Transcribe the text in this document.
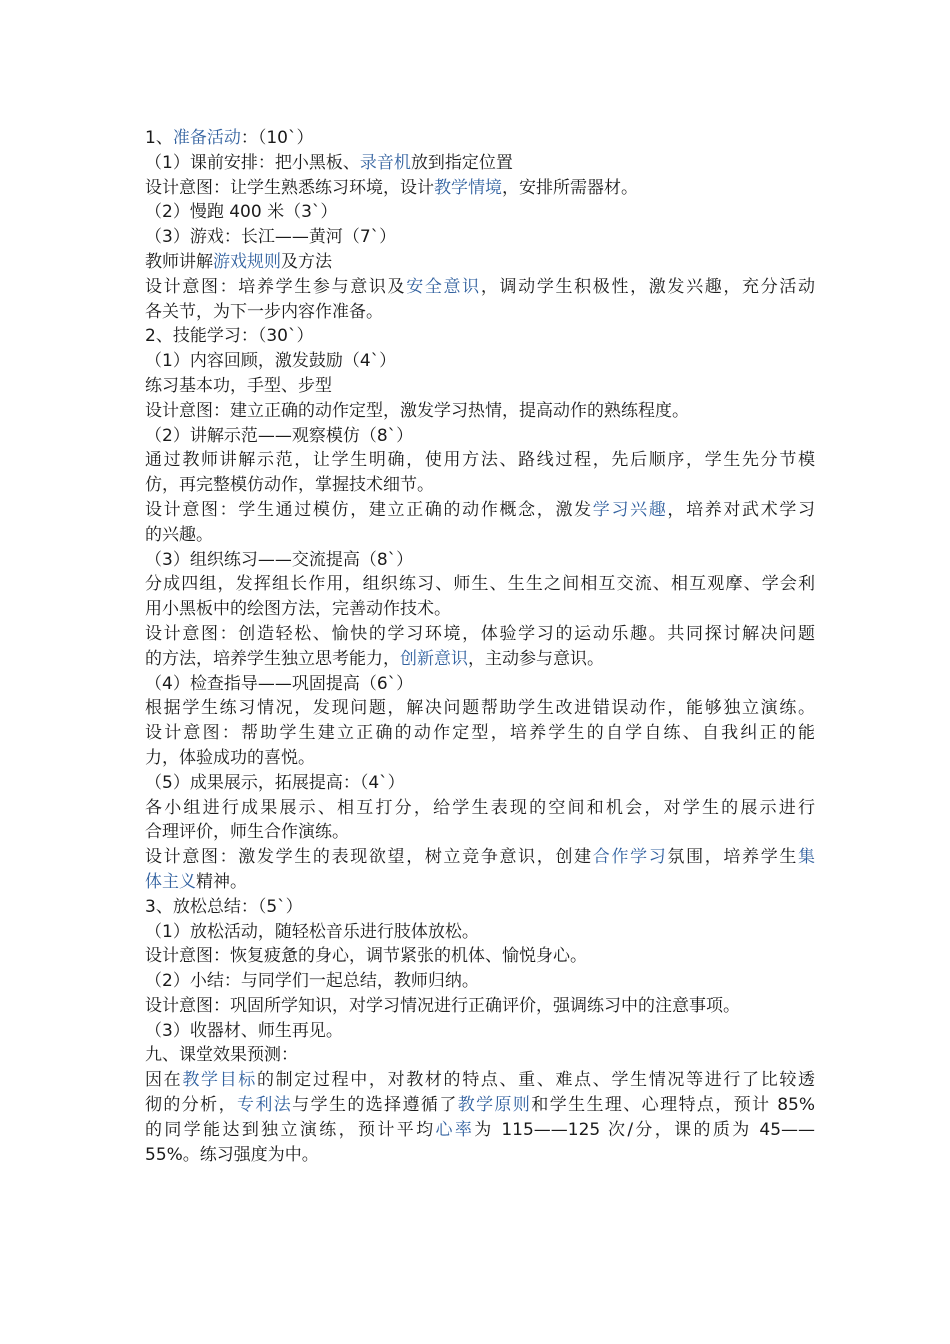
1、准备活动：（10`）
（1）课前安排：把小黑板、录音机放到指定位置
设计意图：让学生熟悉练习环境，设计教学情境，安排所需器材。
（2）慢跑 400 米（3`）
（3）游戏：长江——黄河（7`）
教师讲解游戏规则及方法
设计意图：培养学生参与意识及安全意识，调动学生积极性，激发兴趣，充分活动
各关节，为下一步内容作准备。
2、技能学习：（30`）
（1）内容回顾，激发鼓励（4`）
练习基本功，手型、步型
设计意图：建立正确的动作定型，激发学习热情，提高动作的熟练程度。
（2）讲解示范——观察模仿（8`）
通过教师讲解示范，让学生明确，使用方法、路线过程，先后顺序，学生先分节模
仿，再完整模仿动作，掌握技术细节。
设计意图：学生通过模仿，建立正确的动作概念，激发学习兴趣，培养对武术学习
的兴趣。
（3）组织练习——交流提高（8`）
分成四组，发挥组长作用，组织练习、师生、生生之间相互交流、相互观摩、学会利
用小黑板中的绘图方法，完善动作技术。
设计意图：创造轻松、愉快的学习环境，体验学习的运动乐趣。共同探讨解决问题
的方法，培养学生独立思考能力，创新意识，主动参与意识。
（4）检查指导——巩固提高（6`）
根据学生练习情况，发现问题，解决问题帮助学生改进错误动作，能够独立演练。
设计意图：帮助学生建立正确的动作定型，培养学生的自学自练、自我纠正的能
力，体验成功的喜悦。
（5）成果展示，拓展提高：（4`）
各小组进行成果展示、相互打分，给学生表现的空间和机会，对学生的展示进行
合理评价，师生合作演练。
设计意图：激发学生的表现欲望，树立竞争意识，创建合作学习氛围，培养学生集
体主义精神。
3、放松总结：（5`）
（1）放松活动，随轻松音乐进行肢体放松。
设计意图：恢复疲惫的身心，调节紧张的机体、愉悦身心。
（2）小结：与同学们一起总结，教师归纳。
设计意图：巩固所学知识，对学习情况进行正确评价，强调练习中的注意事项。
（3）收器材、师生再见。
九、课堂效果预测：
因在教学目标的制定过程中，对教材的特点、重、难点、学生情况等进行了比较透
彻的分析，专利法与学生的选择遵循了教学原则和学生生理、心理特点，预计 85%
的同学能达到独立演练，预计平均心率为 115——125 次/分，课的质为 45——
55%。练习强度为中。
